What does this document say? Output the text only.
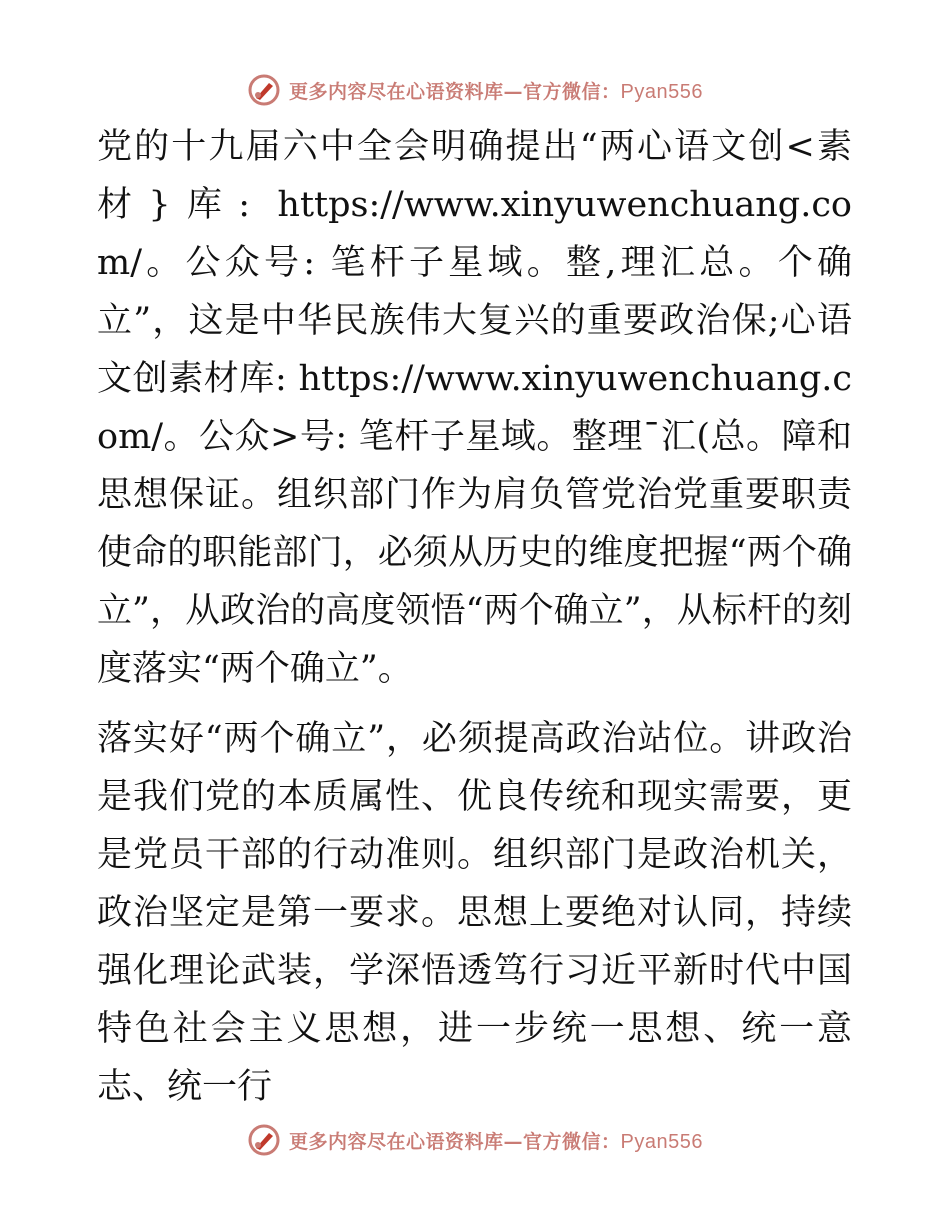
更多内容尽在心语资料库—官方微信：Pyan556

党的十九届六中全会明确提出“两心语文创<素材}库: https://www.xinyuwenchuang.com/。公众号: 笔杆子星域。整,理汇总。个确立”，这是中华民族伟大复兴的重要政治保;心语文创素材库: https://www.xinyuwenchuang.com/。公众>号: 笔杆子星域。整理¯汇(总。障和思想保证。组织部门作为肩负管党治党重要职责使命的职能部门，必须从历史的维度把握“两个确立”，从政治的高度领悟“两个确立”，从标杆的刻度落实“两个确立”。

落实好“两个确立”，必须提高政治站位。讲政治是我们党的本质属性、优良传统和现实需要，更是党员干部的行动准则。组织部门是政治机关，政治坚定是第一要求。思想上要绝对认同，持续强化理论武装，学深悟透笃行习近平新时代中国特色社会主义思想，进一步统一思想、统一意志、统一行

更多内容尽在心语资料库—官方微信：Pyan556
